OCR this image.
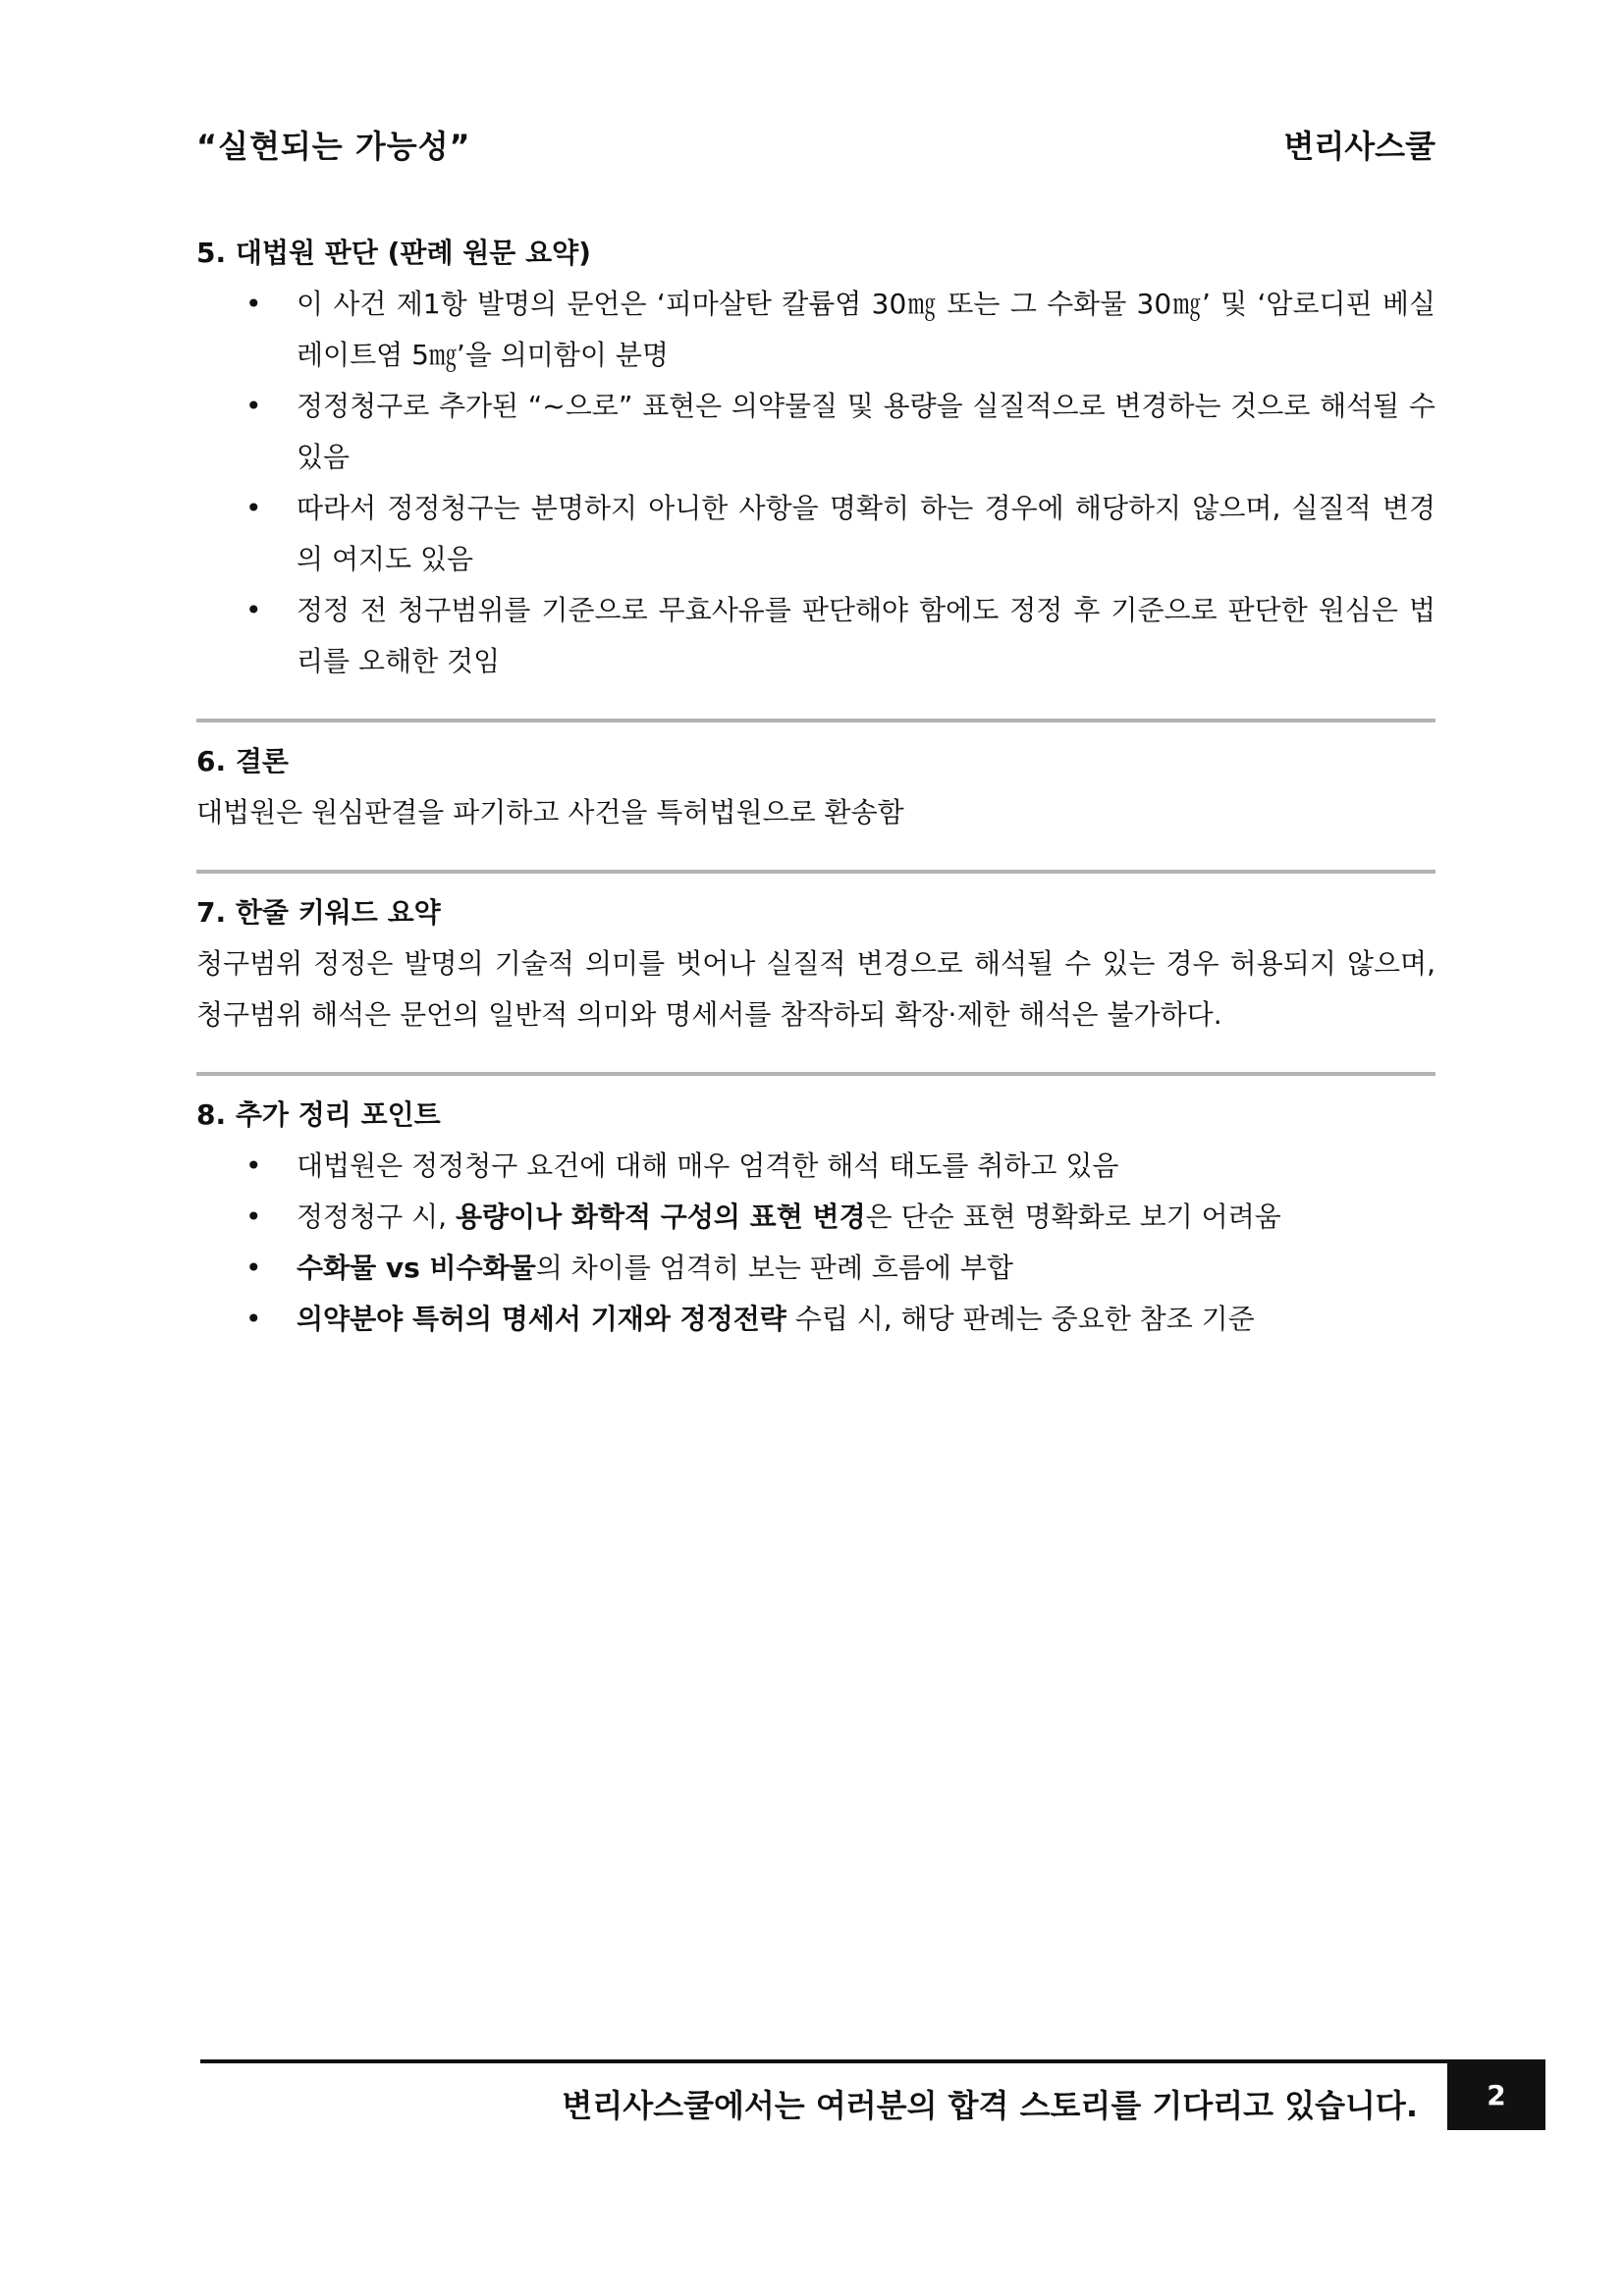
“실현되는 가능성”	변리사스쿨
5. 대법원 판단 (판례 원문 요약)
• 이 사건 제1항 발명의 문언은 ‘피마살탄 칼륨염 30㎎ 또는 그 수화물 30㎎’ 및 ‘암로디핀 베실레이트염 5㎎’을 의미함이 분명
• 정정청구로 추가된 “~으로” 표현은 의약물질 및 용량을 실질적으로 변경하는 것으로 해석될 수 있음
• 따라서 정정청구는 분명하지 아니한 사항을 명확히 하는 경우에 해당하지 않으며, 실질적 변경의 여지도 있음
• 정정 전 청구범위를 기준으로 무효사유를 판단해야 함에도 정정 후 기준으로 판단한 원심은 법리를 오해한 것임
6. 결론
대법원은 원심판결을 파기하고 사건을 특허법원으로 환송함
7. 한줄 키워드 요약
청구범위 정정은 발명의 기술적 의미를 벗어나 실질적 변경으로 해석될 수 있는 경우 허용되지 않으며, 청구범위 해석은 문언의 일반적 의미와 명세서를 참작하되 확장·제한 해석은 불가하다.
8. 추가 정리 포인트
• 대법원은 정정청구 요건에 대해 매우 엄격한 해석 태도를 취하고 있음
• 정정청구 시, 용량이나 화학적 구성의 표현 변경은 단순 표현 명확화로 보기 어려움
• 수화물 vs 비수화물의 차이를 엄격히 보는 판례 흐름에 부합
• 의약분야 특허의 명세서 기재와 정정전략 수립 시, 해당 판례는 중요한 참조 기준
변리사스쿨에서는 여러분의 합격 스토리를 기다리고 있습니다.	2
